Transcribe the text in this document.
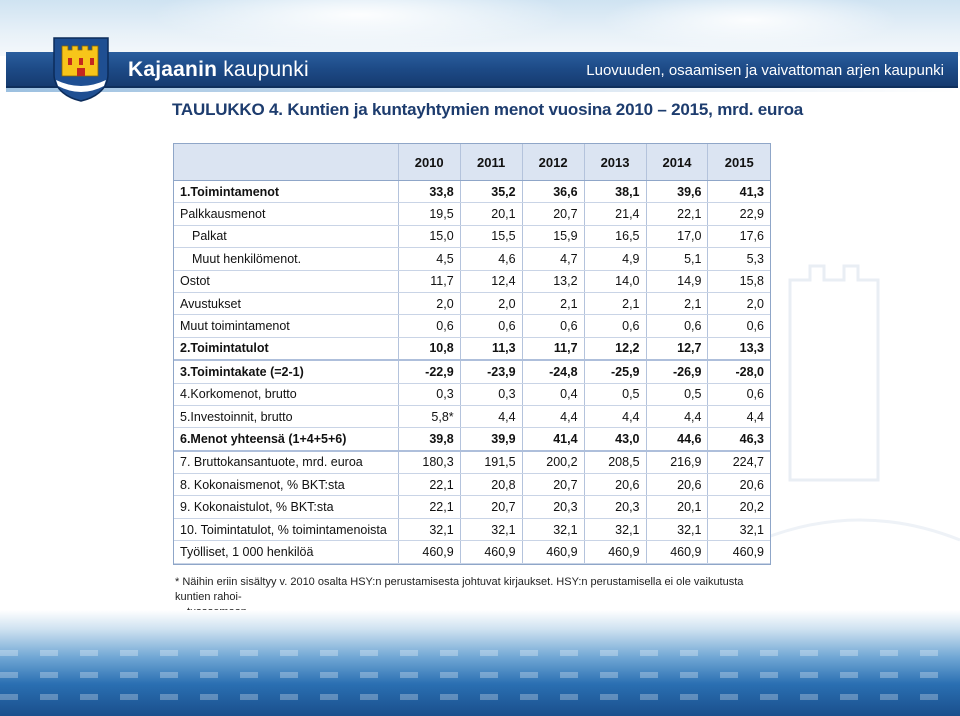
Kajaanin kaupunki	Luovuuden, osaamisen ja vaivattoman arjen kaupunki
TAULUKKO 4. Kuntien ja kuntayhtymien menot vuosina 2010 – 2015, mrd. euroa
	2010	2011	2012	2013	2014	2015
1.Toimintamenot	33,8	35,2	36,6	38,1	39,6	41,3
Palkkausmenot	19,5	20,1	20,7	21,4	22,1	22,9
Palkat	15,0	15,5	15,9	16,5	17,0	17,6
Muut henkilömenot.	4,5	4,6	4,7	4,9	5,1	5,3
Ostot	11,7	12,4	13,2	14,0	14,9	15,8
Avustukset	2,0	2,0	2,1	2,1	2,1	2,0
Muut toimintamenot	0,6	0,6	0,6	0,6	0,6	0,6
2.Toimintatulot	10,8	11,3	11,7	12,2	12,7	13,3
3.Toimintakate (=2-1)	-22,9	-23,9	-24,8	-25,9	-26,9	-28,0
4.Korkomenot, brutto	0,3	0,3	0,4	0,5	0,5	0,6
5.Investoinnit, brutto	5,8*	4,4	4,4	4,4	4,4	4,4
6.Menot yhteensä (1+4+5+6)	39,8	39,9	41,4	43,0	44,6	46,3
7. Bruttokansantuote, mrd. euroa	180,3	191,5	200,2	208,5	216,9	224,7
8. Kokonaismenot, % BKT:sta	22,1	20,8	20,7	20,6	20,6	20,6
9. Kokonaistulot, % BKT:sta	22,1	20,7	20,3	20,3	20,1	20,2
10. Toimintatulot, % toimintamenoista	32,1	32,1	32,1	32,1	32,1	32,1
Työlliset, 1 000 henkilöä	460,9	460,9	460,9	460,9	460,9	460,9
* Näihin eriin sisältyy v. 2010 osalta HSY:n perustamisesta johtuvat kirjaukset. HSY:n perustamisella ei ole vaikutusta kuntien rahoi-
